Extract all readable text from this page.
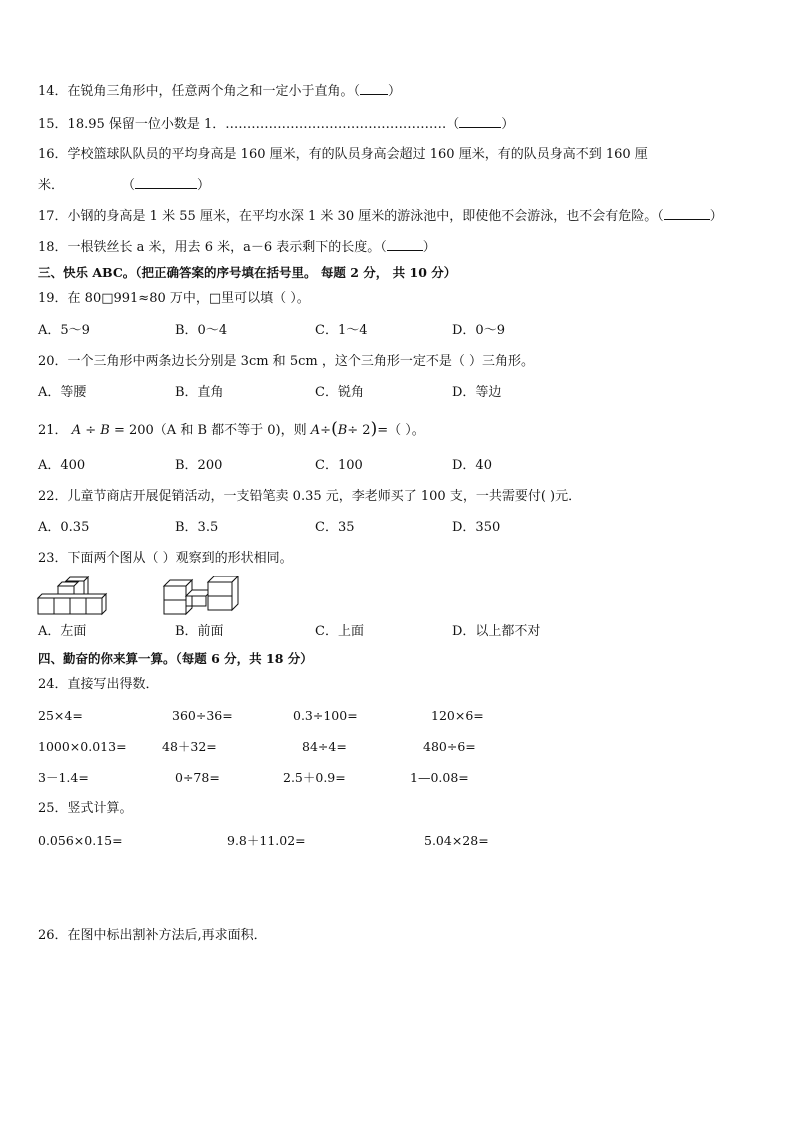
14．在锐角三角形中，任意两个角之和一定小于直角。（ ）
15．18.95 保留一位小数是 1．……………………………………………（	）
16．学校篮球队队员的平均身高是 160 厘米，有的队员身高会超过 160 厘米，有的队员身高不到 160 厘
米．	（	）
17．小钢的身高是 1 米 55 厘米，在平均水深 1 米 30 厘米的游泳池中，即使他不会游泳，也不会有危险。（	）
18．一根铁丝长 a 米，用去 6 米，a－6 表示剩下的长度。（	）
三、快乐 ABC。（把正确答案的序号填在括号里。 每题 2 分， 共 10 分）
19．在 80□991≈80 万中，□里可以填（ ）。
A．5～9	B．0～4	C．1～4	D．0～9
20．一个三角形中两条边长分别是 3cm 和 5cm ，这个三角形一定不是（ ）三角形。
A．等腰	B．直角	C．锐角	D．等边
21． A ÷ B = 200（A 和 B 都不等于 0)，则 A÷(B÷ 2)=（ ）。
A．400	B．200	C．100	D．40
22．儿童节商店开展促销活动，一支铅笔卖 0.35 元，李老师买了 100 支，一共需要付( )元．
A．0.35	B．3.5	C．35	D．350
23．下面两个图从（ ）观察到的形状相同。
A．左面	B．前面	C．上面	D．以上都不对
四、勤奋的你来算一算。（每题 6 分，共 18 分）
24．直接写出得数．
25×4=	360÷36=	0.3÷100=	120×6=
1000×0.013=	48＋32=	84÷4=	480÷6=
3－1.4=	0÷78=	2.5＋0.9=	1—0.08=
25．竖式计算。
0.056×0.15=	9.8＋11.02=	5.04×28=
26．在图中标出割补方法后,再求面积．
